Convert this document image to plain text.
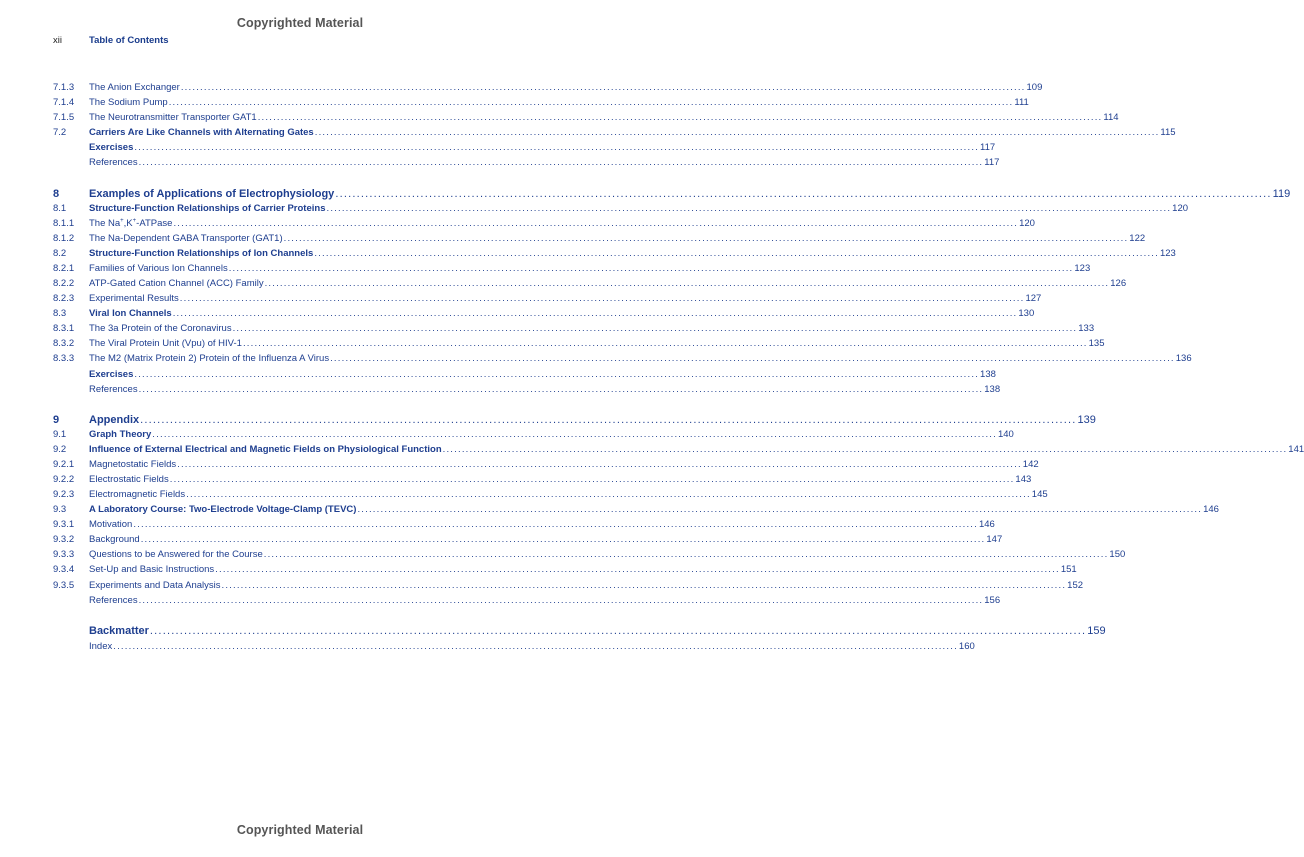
Copyrighted Material
xii	Table of Contents
7.1.3	The Anion Exchanger ............................................................................................................................................................................................................................ 109
7.1.4	The Sodium Pump ............................................................................................................................................................................................................................ 111
7.1.5	The Neurotransmitter Transporter GAT1 ............................................................................................................................................................................................................................ 114
7.2	Carriers Are Like Channels with Alternating Gates ............................................................................................................................................................................................................................ 115
Exercises ............................................................................................................................................................................................................................ 117
References ............................................................................................................................................................................................................................ 117
8	Examples of Applications of Electrophysiology ............................................................................................................................................................................................................................ 119
8.1	Structure-Function Relationships of Carrier Proteins ............................................................................................................................................................................................................................ 120
8.1.1	The Na+,K+-ATPase ............................................................................................................................................................................................................................ 120
8.1.2	The Na-Dependent GABA Transporter (GAT1) ............................................................................................................................................................................................................................ 122
8.2	Structure-Function Relationships of Ion Channels ............................................................................................................................................................................................................................ 123
8.2.1	Families of Various Ion Channels ............................................................................................................................................................................................................................ 123
8.2.2	ATP-Gated Cation Channel (ACC) Family ............................................................................................................................................................................................................................ 126
8.2.3	Experimental Results ............................................................................................................................................................................................................................ 127
8.3	Viral Ion Channels ............................................................................................................................................................................................................................ 130
8.3.1	The 3a Protein of the Coronavirus ............................................................................................................................................................................................................................ 133
8.3.2	The Viral Protein Unit (Vpu) of HIV-1 ............................................................................................................................................................................................................................ 135
8.3.3	The M2 (Matrix Protein 2) Protein of the Influenza A Virus ............................................................................................................................................................................................................................ 136
Exercises ............................................................................................................................................................................................................................ 138
References ............................................................................................................................................................................................................................ 138
9	Appendix ............................................................................................................................................................................................................................ 139
9.1	Graph Theory ............................................................................................................................................................................................................................ 140
9.2	Influence of External Electrical and Magnetic Fields on Physiological Function ............................................................................................................................................................................................................................ 141
9.2.1	Magnetostatic Fields ............................................................................................................................................................................................................................ 142
9.2.2	Electrostatic Fields ............................................................................................................................................................................................................................ 143
9.2.3	Electromagnetic Fields ............................................................................................................................................................................................................................ 145
9.3	A Laboratory Course: Two-Electrode Voltage-Clamp (TEVC) ............................................................................................................................................................................................................................ 146
9.3.1	Motivation ............................................................................................................................................................................................................................ 146
9.3.2	Background ............................................................................................................................................................................................................................ 147
9.3.3	Questions to be Answered for the Course ............................................................................................................................................................................................................................ 150
9.3.4	Set-Up and Basic Instructions ............................................................................................................................................................................................................................ 151
9.3.5	Experiments and Data Analysis ............................................................................................................................................................................................................................ 152
References ............................................................................................................................................................................................................................ 156
Backmatter ............................................................................................................................................................................................................................ 159
Index ............................................................................................................................................................................................................................ 160
Copyrighted Material
